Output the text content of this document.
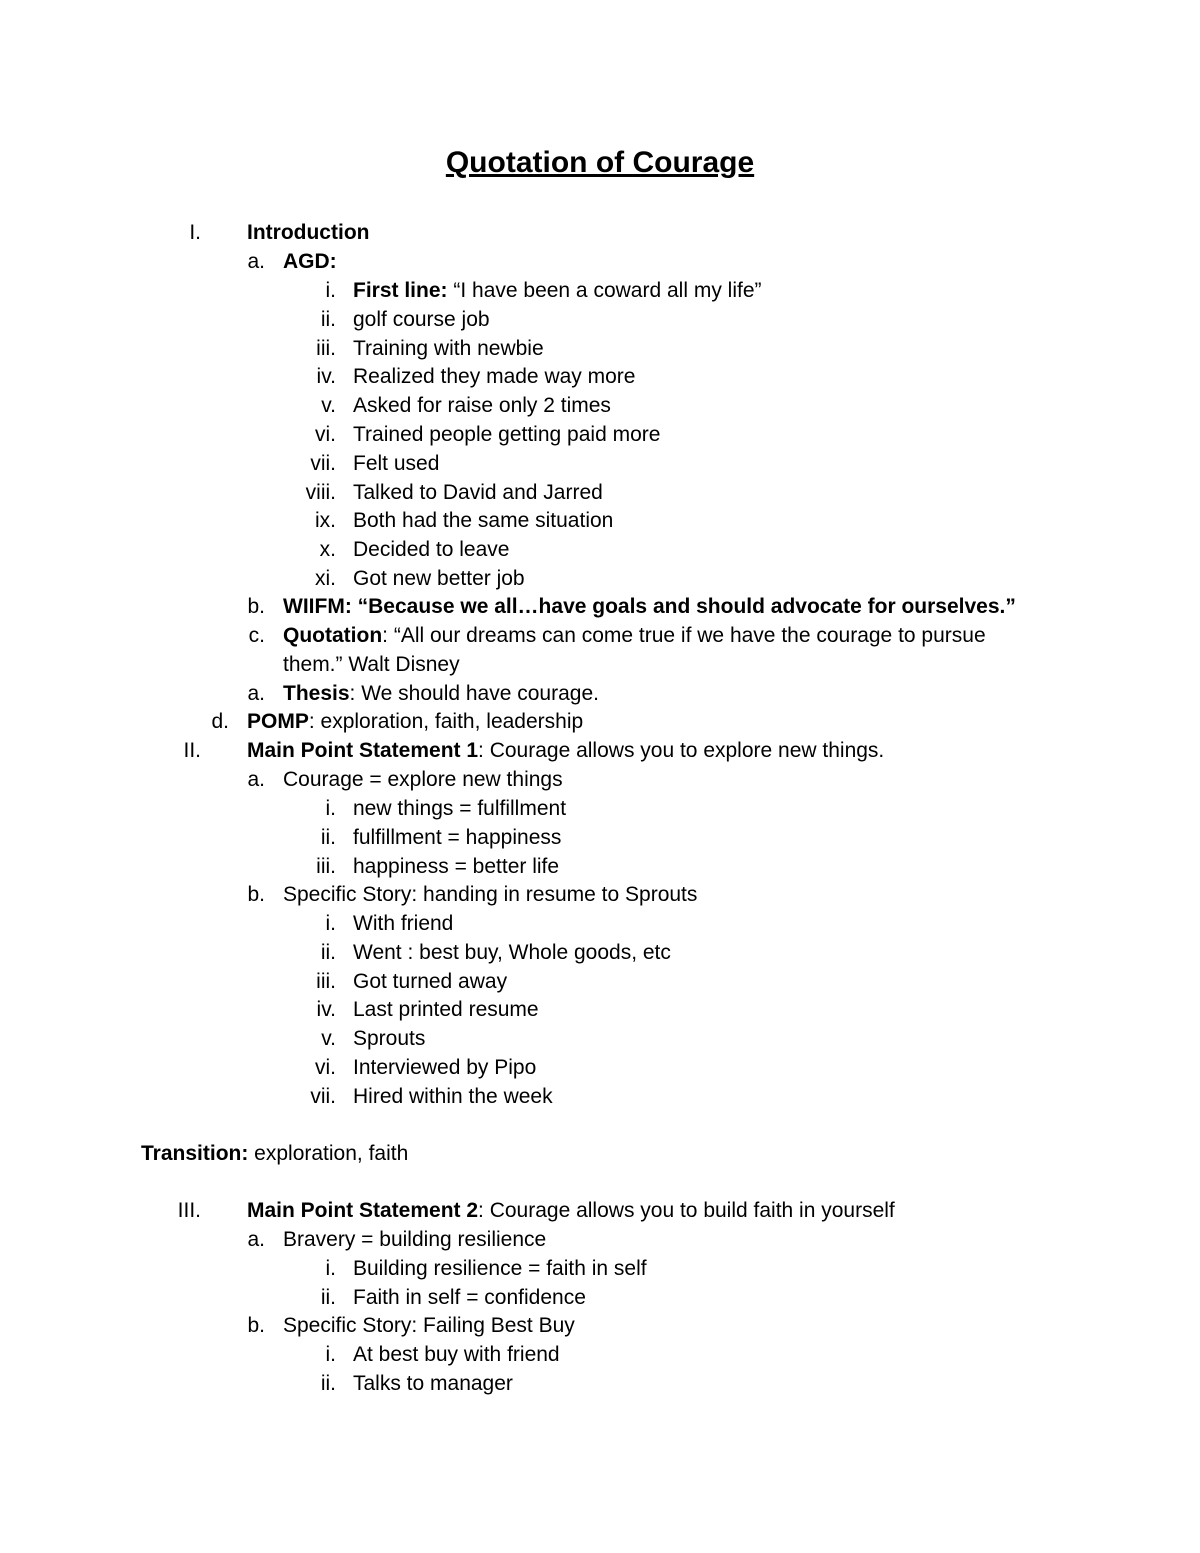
Quotation of Courage
I. Introduction
a. AGD:
i. First line: “I have been a coward all my life”
ii. golf course job
iii. Training with newbie
iv. Realized they made way more
v. Asked for raise only 2 times
vi. Trained people getting paid more
vii. Felt used
viii. Talked to David and Jarred
ix. Both had the same situation
x. Decided to leave
xi. Got new better job
b. WIIFM: “Because we all…have goals and should advocate for ourselves.”
c. Quotation: “All our dreams can come true if we have the courage to pursue
them.” Walt Disney
a. Thesis: We should have courage.
d. POMP: exploration, faith, leadership
II. Main Point Statement 1: Courage allows you to explore new things.
a. Courage = explore new things
i. new things = fulfillment
ii. fulfillment = happiness
iii. happiness = better life
b. Specific Story: handing in resume to Sprouts
i. With friend
ii. Went : best buy, Whole goods, etc
iii. Got turned away
iv. Last printed resume
v. Sprouts
vi. Interviewed by Pipo
vii. Hired within the week
Transition: exploration, faith
III. Main Point Statement 2: Courage allows you to build faith in yourself
a. Bravery = building resilience
i. Building resilience = faith in self
ii. Faith in self = confidence
b. Specific Story: Failing Best Buy
i. At best buy with friend
ii. Talks to manager
